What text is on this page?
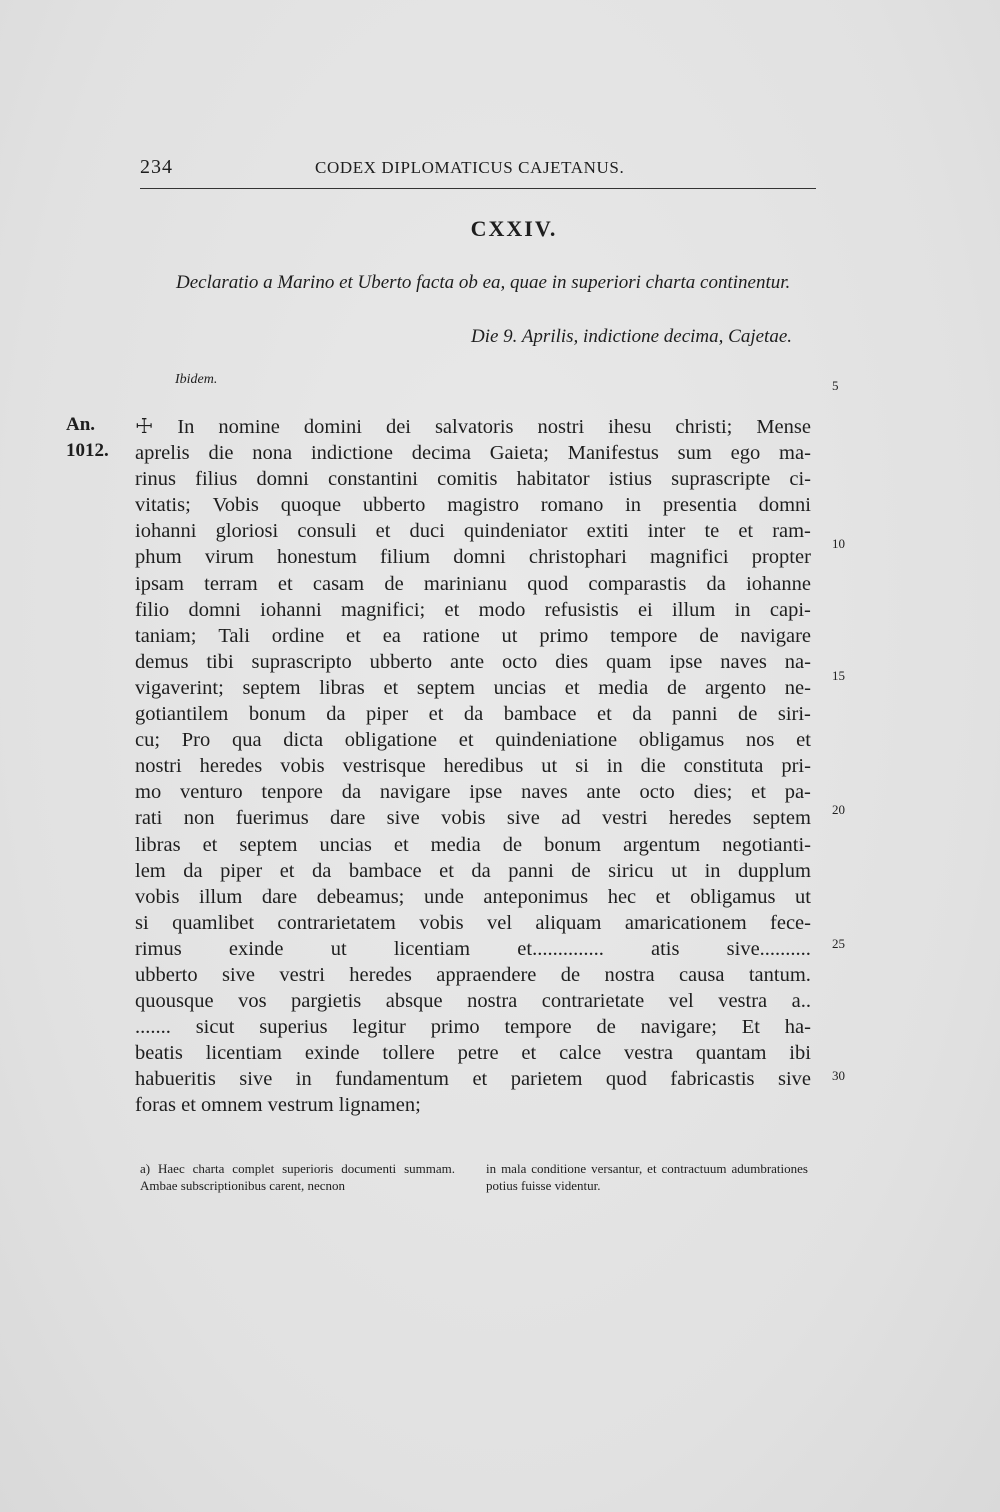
234	CODEX DIPLOMATICUS CAJETANUS.
CXXIV.

Declaratio a Marino et Uberto facta ob ea, quae in superiori charta continentur.

Die 9. Aprilis, indictione decima, Cajetae.
Ibidem.
An.
1012.
5
10
15
20
25
30
☩ In nomine domini dei salvatoris nostri ihesu christi; Mense
aprelis die nona indictione decima Gaieta; Manifestus sum ego ma-
rinus filius domni constantini comitis habitator istius suprascripte ci-
vitatis; Vobis quoque ubberto magistro romano in presentia domni
iohanni gloriosi consuli et duci quindeniator extiti inter te et ram-
phum virum honestum filium domni christophari magnifici propter
ipsam terram et casam de marinianu quod comparastis da iohanne
filio domni iohanni magnifici; et modo refusistis ei illum in capi-
taniam; Tali ordine et ea ratione ut primo tempore de navigare
demus tibi suprascripto ubberto ante octo dies quam ipse naves na-
vigaverint; septem libras et septem uncias et media de argento ne-
gotiantilem bonum da piper et da bambace et da panni de siri-
cu; Pro qua dicta obligatione et quindeniatione obligamus nos et
nostri heredes vobis vestrisque heredibus ut si in die constituta pri-
mo venturo tenpore da navigare ipse naves ante octo dies; et pa-
rati non fuerimus dare sive vobis sive ad vestri heredes septem
libras et septem uncias et media de bonum argentum negotianti-
lem da piper et da bambace et da panni de siricu ut in dupplum
vobis illum dare debeamus; unde anteponimus hec et obligamus ut
si quamlibet contrarietatem vobis vel aliquam amaricationem fece-
rimus exinde ut licentiam et.............. atis sive..........
ubberto sive vestri heredes appraendere de nostra causa tantum.
quousque vos pargietis absque nostra contrarietate vel vestra a..
....... sicut superius legitur primo tempore de navigare; Et ha-
beatis licentiam exinde tollere petre et calce vestra quantam ibi
habueritis sive in fundamentum et parietem quod fabricastis sive
foras et omnem vestrum lignamen;
a) Haec charta complet superioris documenti summam. Ambae subscriptionibus carent, necnon
in mala conditione versantur, et contractuum adumbrationes potius fuisse videntur.
